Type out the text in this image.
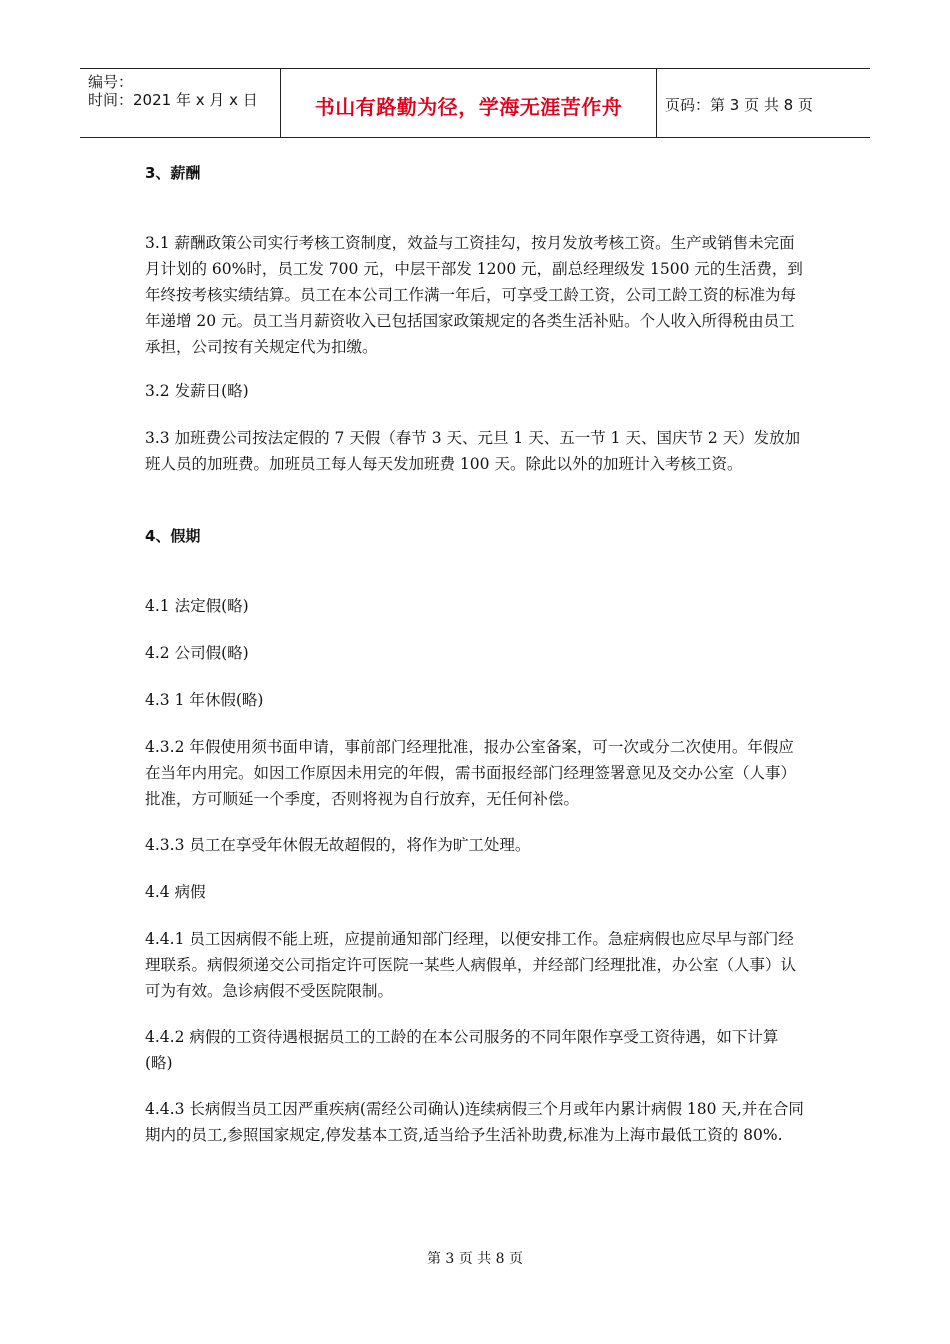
编号：
时间：2021 年 x 月 x 日	书山有路勤为径，学海无涯苦作舟	页码：第 3 页 共 8 页
3、薪酬
3.1 薪酬政策公司实行考核工资制度，效益与工资挂勾，按月发放考核工资。生产或销售未完面月计划的 60%时，员工发 700 元，中层干部发 1200 元，副总经理级发 1500 元的生活费，到年终按考核实绩结算。员工在本公司工作满一年后，可享受工龄工资，公司工龄工资的标准为每年递增 20 元。员工当月薪资收入已包括国家政策规定的各类生活补贴。个人收入所得税由员工承担，公司按有关规定代为扣缴。
3.2 发薪日(略)
3.3 加班费公司按法定假的 7 天假（春节 3 天、元旦 1 天、五一节 1 天、国庆节 2 天）发放加班人员的加班费。加班员工每人每天发加班费 100 天。除此以外的加班计入考核工资。
4、假期
4.1 法定假(略)
4.2 公司假(略)
4.3 1 年休假(略)
4.3.2 年假使用须书面申请，事前部门经理批准，报办公室备案，可一次或分二次使用。年假应在当年内用完。如因工作原因未用完的年假，需书面报经部门经理签署意见及交办公室（人事）批准，方可顺延一个季度，否则将视为自行放弃，无任何补偿。
4.3.3 员工在享受年休假无故超假的，将作为旷工处理。
4.4 病假
4.4.1 员工因病假不能上班，应提前通知部门经理，以便安排工作。急症病假也应尽早与部门经理联系。病假须递交公司指定许可医院一某些人病假单，并经部门经理批准，办公室（人事）认可为有效。急诊病假不受医院限制。
4.4.2 病假的工资待遇根据员工的工龄的在本公司服务的不同年限作享受工资待遇，如下计算(略)
4.4.3 长病假当员工因严重疾病(需经公司确认)连续病假三个月或年内累计病假 180 天,并在合同期内的员工,参照国家规定,停发基本工资,适当给予生活补助费,标准为上海市最低工资的 80%.
第 3 页 共 8 页
